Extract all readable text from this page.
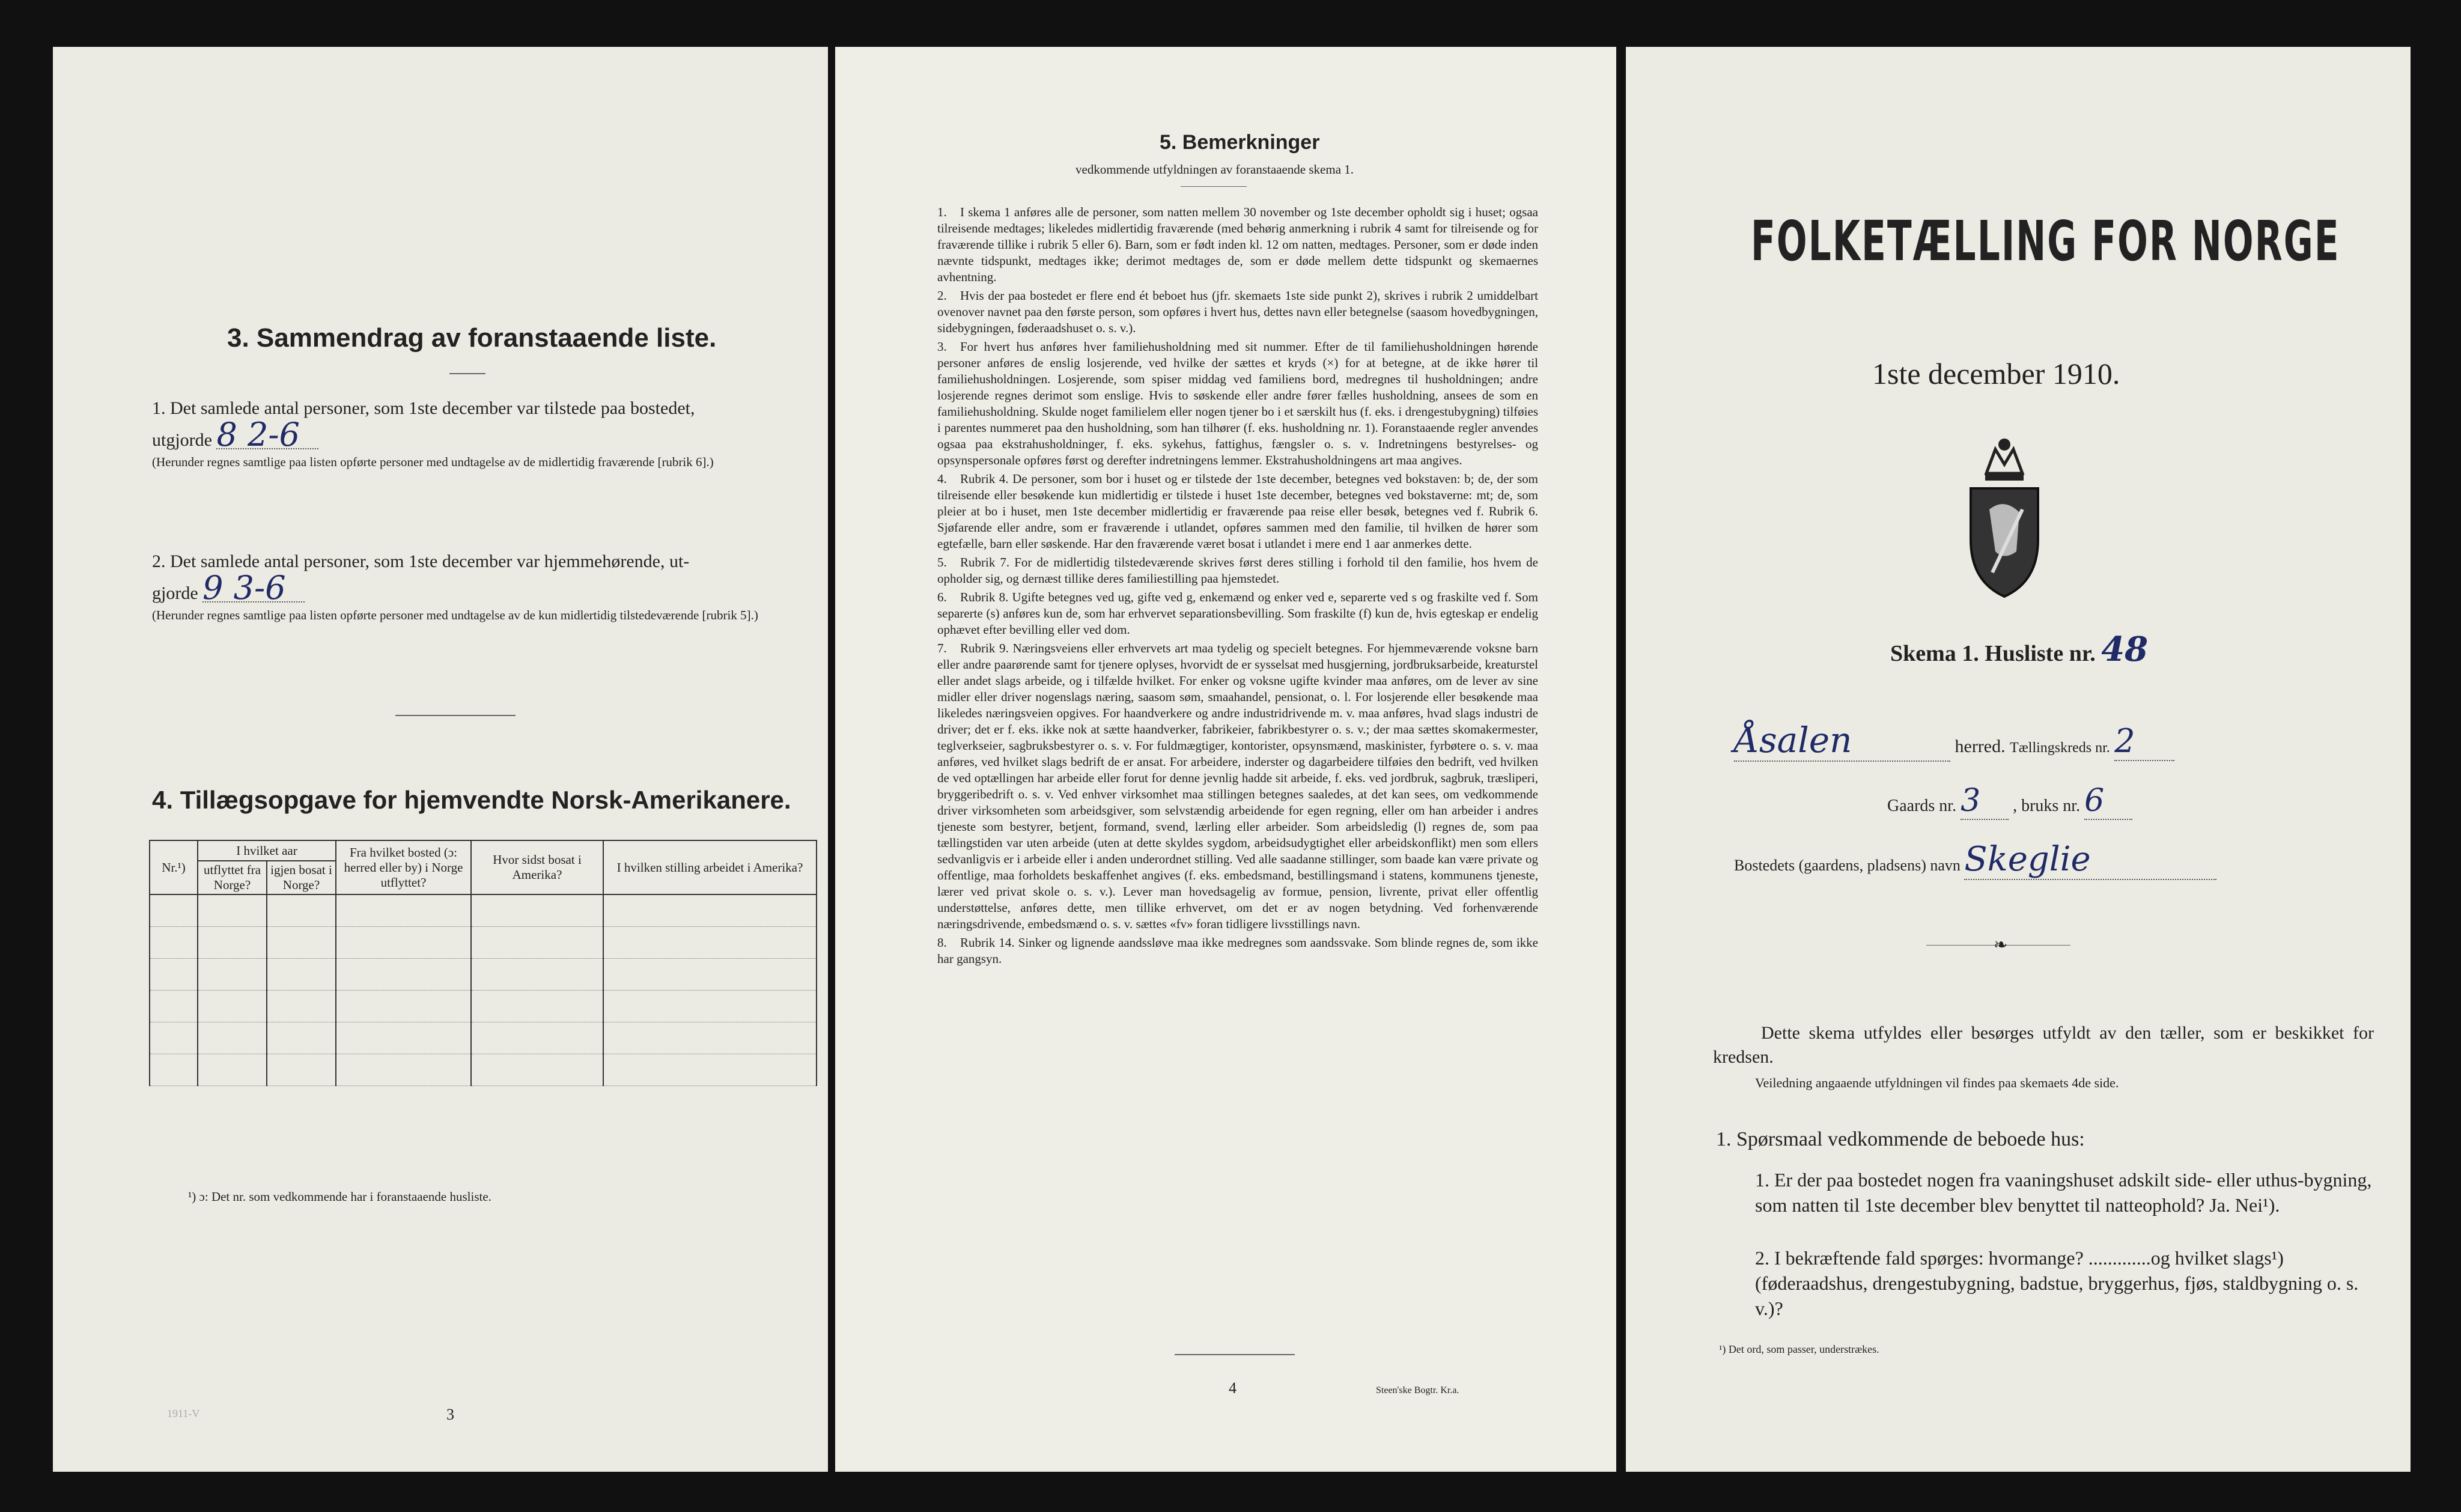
3. Sammendrag av foranstaaende liste.
1. Det samlede antal personer, som 1ste december var tilstede paa bostedet,
utgjorde 8 2-6
(Herunder regnes samtlige paa listen opførte personer med undtagelse av de midlertidig fraværende [rubrik 6].)
2. Det samlede antal personer, som 1ste december var hjemmehørende, ut-
gjorde 9 3-6
(Herunder regnes samtlige paa listen opførte personer med undtagelse av de kun midlertidig tilstedeværende [rubrik 5].)
4. Tillægsopgave for hjemvendte Norsk-Amerikanere.
Nr.¹)	I hvilket aar		Fra hvilket bosted (ɔ: herred eller by) i Norge utflyttet?	Hvor sidst bosat i Amerika?	I hvilken stilling arbeidet i Amerika?
	utflyttet fra Norge?	igjen bosat i Norge?			

¹) ɔ: Det nr. som vedkommende har i foranstaaende husliste.
3
1911-V
5. Bemerkninger
vedkommende utfyldningen av foranstaaende skema 1.

1. I skema 1 anføres alle de personer, som natten mellem 30 november og 1ste december opholdt sig i huset; ogsaa tilreisende medtages; likeledes midlertidig fraværende (med behørig anmerkning i rubrik 4 samt for tilreisende og for fraværende tillike i rubrik 5 eller 6). Barn, som er født inden kl. 12 om natten, medtages. Personer, som er døde inden nævnte tidspunkt, medtages ikke; derimot medtages de, som er døde mellem dette tidspunkt og skemaernes avhentning.

2. Hvis der paa bostedet er flere end ét beboet hus (jfr. skemaets 1ste side punkt 2), skrives i rubrik 2 umiddelbart ovenover navnet paa den første person, som opføres i hvert hus, dettes navn eller betegnelse (saasom hovedbygningen, sidebygningen, føderaadshuset o. s. v.).

3. For hvert hus anføres hver familiehusholdning med sit nummer. Efter de til familiehusholdningen hørende personer anføres de enslig losjerende, ved hvilke der sættes et kryds (×) for at betegne, at de ikke hører til familiehusholdningen. Losjerende, som spiser middag ved familiens bord, medregnes til husholdningen; andre losjerende regnes derimot som enslige. Hvis to søskende eller andre fører fælles husholdning, ansees de som en familiehusholdning. Skulde noget familielem eller nogen tjener bo i et særskilt hus (f. eks. i drengestubygning) tilføies i parentes nummeret paa den husholdning, som han tilhører (f. eks. husholdning nr. 1). Foranstaaende regler anvendes ogsaa paa ekstrahusholdninger, f. eks. sykehus, fattighus, fængsler o. s. v. Indretningens bestyrelses- og opsynspersonale opføres først og derefter indretningens lemmer. Ekstrahusholdningens art maa angives.

4. Rubrik 4. De personer, som bor i huset og er tilstede der 1ste december, betegnes ved bokstaven: b; de, der som tilreisende eller besøkende kun midlertidig er tilstede i huset 1ste december, betegnes ved bokstaverne: mt; de, som pleier at bo i huset, men 1ste december midlertidig er fraværende paa reise eller besøk, betegnes ved f. Rubrik 6. Sjøfarende eller andre, som er fraværende i utlandet, opføres sammen med den familie, til hvilken de hører som egtefælle, barn eller søskende. Har den fraværende været bosat i utlandet i mere end 1 aar anmerkes dette.

5. Rubrik 7. For de midlertidig tilstedeværende skrives først deres stilling i forhold til den familie, hos hvem de opholder sig, og dernæst tillike deres familiestilling paa hjemstedet.

6. Rubrik 8. Ugifte betegnes ved ug, gifte ved g, enkemænd og enker ved e, separerte ved s og fraskilte ved f. Som separerte (s) anføres kun de, som har erhvervet separationsbevilling. Som fraskilte (f) kun de, hvis egteskap er endelig ophævet efter bevilling eller ved dom.

7. Rubrik 9. Næringsveiens eller erhvervets art maa tydelig og specielt betegnes. For hjemmeværende voksne barn eller andre paarørende samt for tjenere oplyses, hvorvidt de er sysselsat med husgjerning, jordbruksarbeide, kreaturstel eller andet slags arbeide, og i tilfælde hvilket. For enker og voksne ugifte kvinder maa anføres, om de lever av sine midler eller driver nogenslags næring, saasom søm, smaahandel, pensionat, o. l. For losjerende eller besøkende maa likeledes næringsveien opgives. For haandverkere og andre industridrivende m. v. maa anføres, hvad slags industri de driver; det er f. eks. ikke nok at sætte haandverker, fabrikeier, fabrikbestyrer o. s. v.; der maa sættes skomakermester, teglverkseier, sagbruksbestyrer o. s. v. For fuldmægtiger, kontorister, opsynsmænd, maskinister, fyrbøtere o. s. v. maa anføres, ved hvilket slags bedrift de er ansat. For arbeidere, inderster og dagarbeidere tilføies den bedrift, ved hvilken de ved optællingen har arbeide eller forut for denne jevnlig hadde sit arbeide, f. eks. ved jordbruk, sagbruk, træsliperi, bryggeribedrift o. s. v. Ved enhver virksomhet maa stillingen betegnes saaledes, at det kan sees, om vedkommende driver virksomheten som arbeidsgiver, som selvstændig arbeidende for egen regning, eller om han arbeider i andres tjeneste som bestyrer, betjent, formand, svend, lærling eller arbeider. Som arbeidsledig (l) regnes de, som paa tællingstiden var uten arbeide (uten at dette skyldes sygdom, arbeidsudygtighet eller arbeidskonflikt) men som ellers sedvanligvis er i arbeide eller i anden underordnet stilling. Ved alle saadanne stillinger, som baade kan være private og offentlige, maa forholdets beskaffenhet angives (f. eks. embedsmand, bestillingsmand i statens, kommunens tjeneste, lærer ved privat skole o. s. v.). Lever man hovedsagelig av formue, pension, livrente, privat eller offentlig understøttelse, anføres dette, men tillike erhvervet, om det er av nogen betydning. Ved forhenværende næringsdrivende, embedsmænd o. s. v. sættes «fv» foran tidligere livsstillings navn.

8. Rubrik 14. Sinker og lignende aandssløve maa ikke medregnes som aandssvake. Som blinde regnes de, som ikke har gangsyn.

4	Steen'ske Bogtr. Kr.a.
FOLKETÆLLING FOR NORGE
1ste december 1910.
Skema 1. Husliste nr. 48
Åsalen	herred. Tællingskreds nr. 2
Gaards nr. 3 , bruks nr. 6
Bostedets (gaardens, pladsens) navn Skeglie
❧
Dette skema utfyldes eller besørges utfyldt av den tæller, som er beskikket for kredsen.
Veiledning angaaende utfyldningen vil findes paa skemaets 4de side.
1. Spørsmaal vedkommende de beboede hus:
1. Er der paa bostedet nogen fra vaaningshuset adskilt side- eller uthus-bygning, som natten til 1ste december blev benyttet til natteophold? Ja. Nei¹).
2. I bekræftende fald spørges: hvormange? .............og hvilket slags¹) (føderaadshus, drengestubygning, badstue, bryggerhus, fjøs, staldbygning o. s. v.)?
¹) Det ord, som passer, understrækes.
